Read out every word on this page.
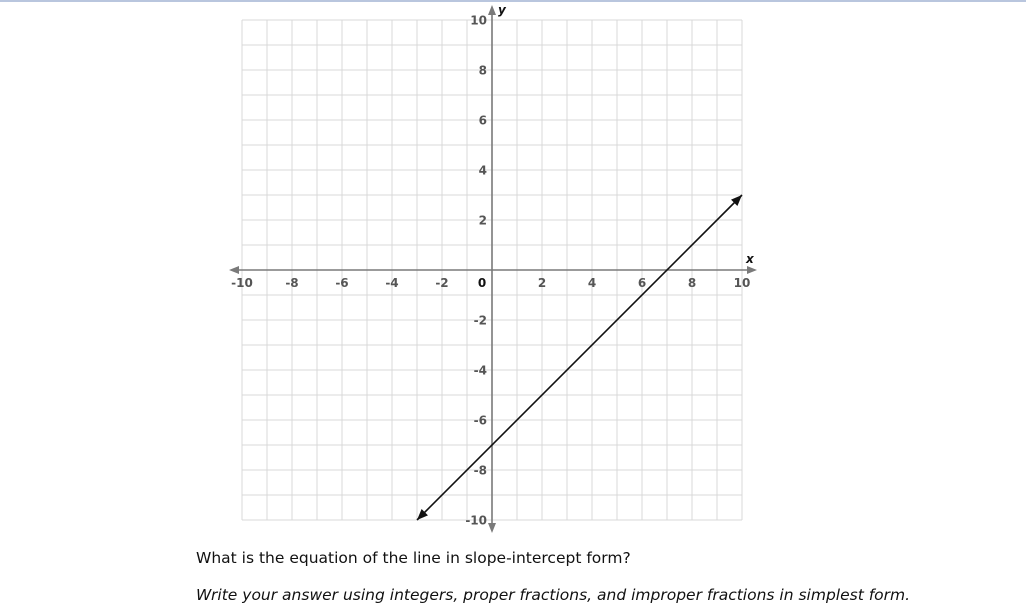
x
y
-10	-8	-6	-4	-2 0	2	4	6	8	10
10
8
6
4
2
-2
-4
-6
-8
-10
What is the equation of the line in slope-intercept form?
Write your answer using integers, proper fractions, and improper fractions in simplest form.
